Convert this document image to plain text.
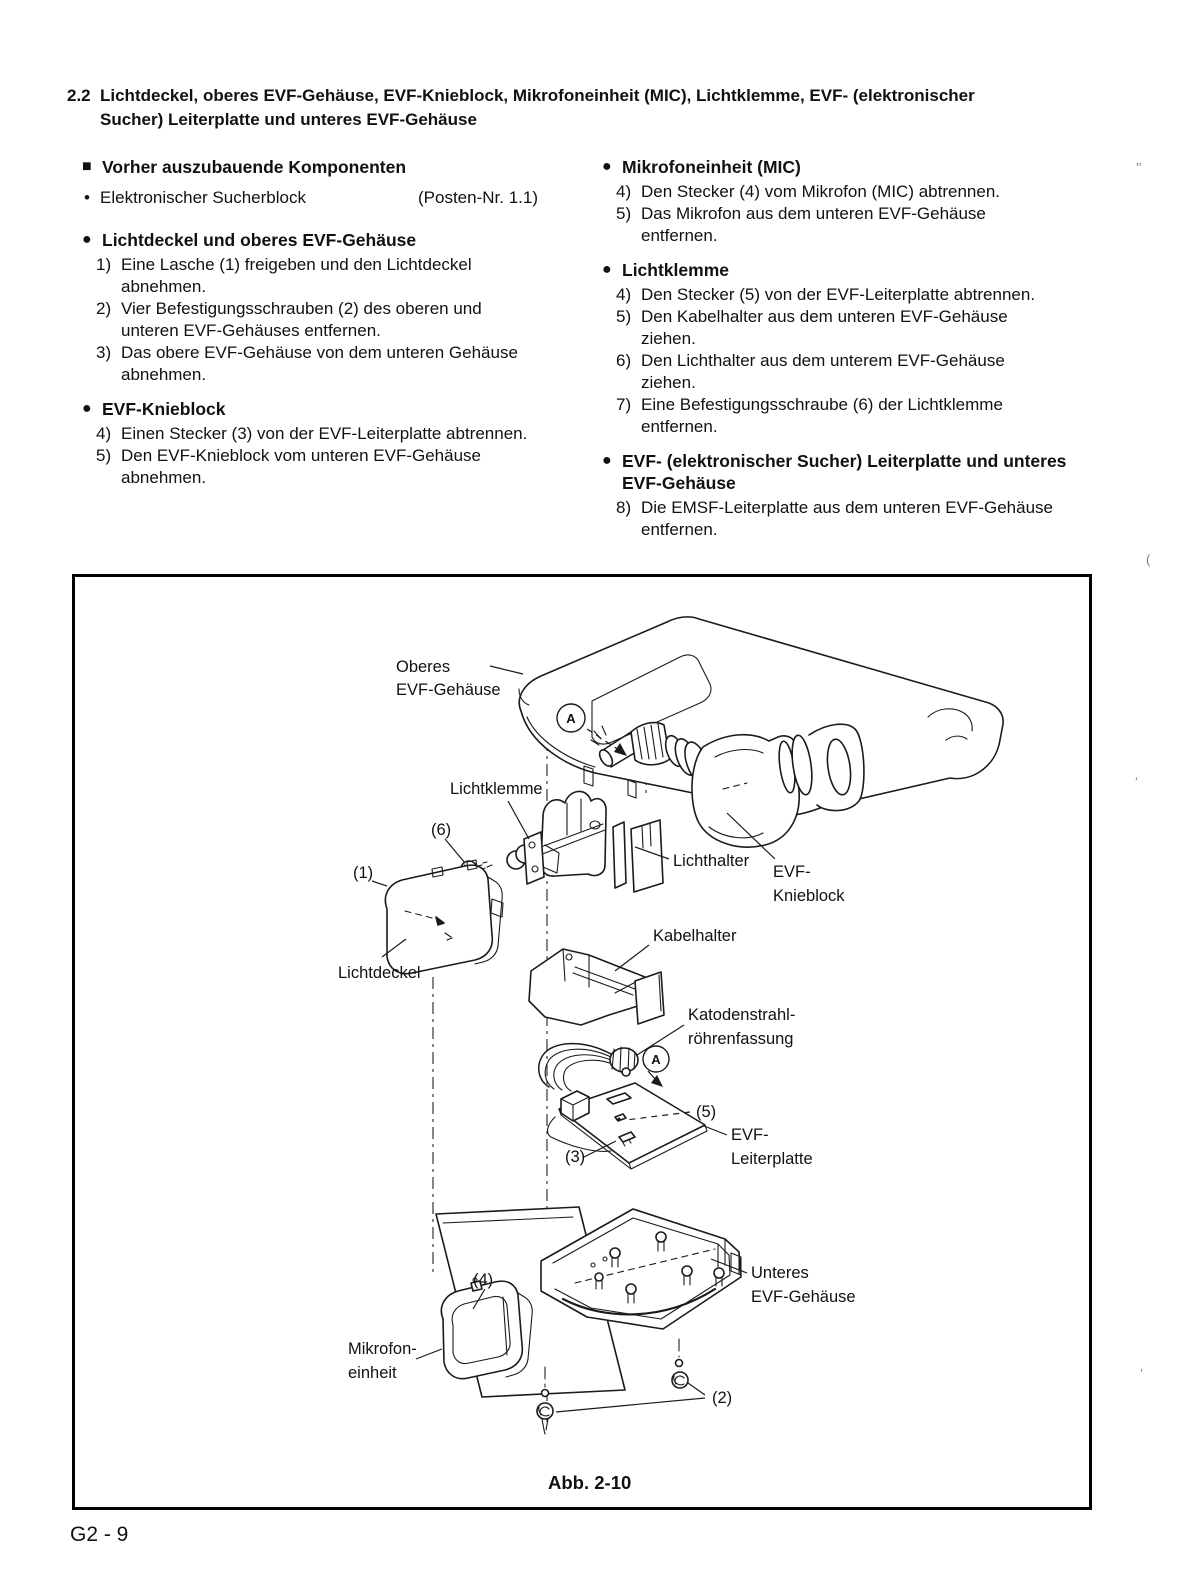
2.2 Lichtdeckel, oberes EVF-Gehäuse, EVF-Knieblock, Mikrofoneinheit (MIC), Lichtklemme, EVF- (elektronischer
Sucher) Leiterplatte und unteres EVF-Gehäuse
■ Vorher auszubauende Komponenten
• Elektronischer Sucherblock	(Posten-Nr. 1.1)
● Lichtdeckel und oberes EVF-Gehäuse
1) Eine Lasche (1) freigeben und den Lichtdeckel
abnehmen.
2) Vier Befestigungsschrauben (2) des oberen und
unteren EVF-Gehäuses entfernen.
3) Das obere EVF-Gehäuse von dem unteren Gehäuse
abnehmen.
● EVF-Knieblock
4) Einen Stecker (3) von der EVF-Leiterplatte abtrennen.
5) Den EVF-Knieblock vom unteren EVF-Gehäuse
abnehmen.
● Mikrofoneinheit (MIC)
4) Den Stecker (4) vom Mikrofon (MIC) abtrennen.
5) Das Mikrofon aus dem unteren EVF-Gehäuse
entfernen.
● Lichtklemme
4) Den Stecker (5) von der EVF-Leiterplatte abtrennen.
5) Den Kabelhalter aus dem unteren EVF-Gehäuse
ziehen.
6) Den Lichthalter aus dem unterem EVF-Gehäuse
ziehen.
7) Eine Befestigungsschraube (6) der Lichtklemme
entfernen.
● EVF- (elektronischer Sucher) Leiterplatte und unteres
EVF-Gehäuse
8) Die EMSF-Leiterplatte aus dem unteren EVF-Gehäuse
entfernen.
A
A
Oberes
EVF-Gehäuse
Lichtklemme
(6)
(1)
Lichtdeckel
Lichthalter
EVF-
Knieblock
Kabelhalter
Katodenstrahl-
röhrenfassung
(5)
EVF-
Leiterplatte
(3)
Unteres
EVF-Gehäuse
(4)
Mikrofon-
einheit
(2)
Abb. 2-10
G2 - 9
’’
(
‘
’
